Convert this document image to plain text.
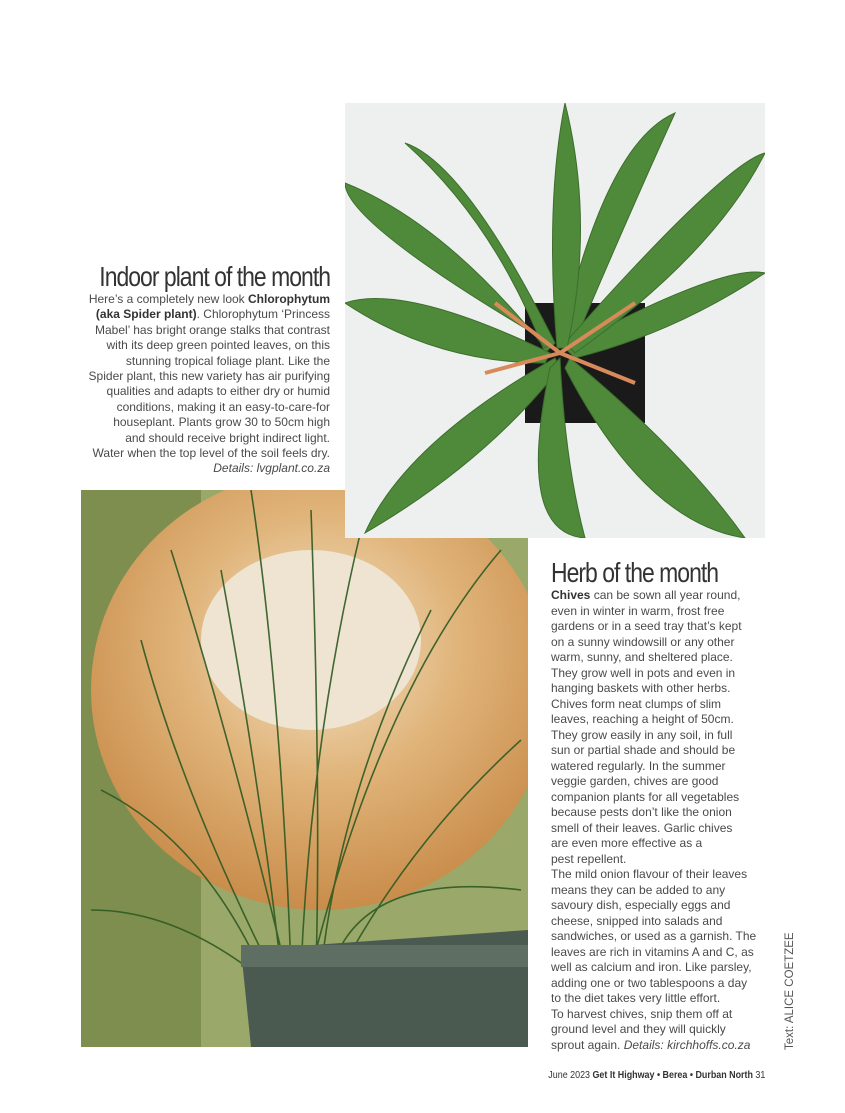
Indoor plant of the month
Here’s a completely new look Chlorophytum
(aka Spider plant). Chlorophytum ‘Princess
Mabel’ has bright orange stalks that contrast
with its deep green pointed leaves, on this
stunning tropical foliage plant. Like the
Spider plant, this new variety has air purifying
qualities and adapts to either dry or humid
conditions, making it an easy-to-care-for
houseplant. Plants grow 30 to 50cm high
and should receive bright indirect light.
Water when the top level of the soil feels dry.
Details: lvgplant.co.za
Herb of the month
Chives can be sown all year round,
even in winter in warm, frost free
gardens or in a seed tray that’s kept
on a sunny windowsill or any other
warm, sunny, and sheltered place.
They grow well in pots and even in
hanging baskets with other herbs.
Chives form neat clumps of slim
leaves, reaching a height of 50cm.
They grow easily in any soil, in full
sun or partial shade and should be
watered regularly. In the summer
veggie garden, chives are good
companion plants for all vegetables
because pests don’t like the onion
smell of their leaves. Garlic chives
are even more effective as a
pest repellent.
The mild onion flavour of their leaves
means they can be added to any
savoury dish, especially eggs and
cheese, snipped into salads and
sandwiches, or used as a garnish. The
leaves are rich in vitamins A and C, as
well as calcium and iron. Like parsley,
adding one or two tablespoons a day
to the diet takes very little effort.
To harvest chives, snip them off at
ground level and they will quickly
sprout again. Details: kirchhoffs.co.za	Text: ALICE COETZEE
June 2023 Get It Highway • Berea • Durban North 31
